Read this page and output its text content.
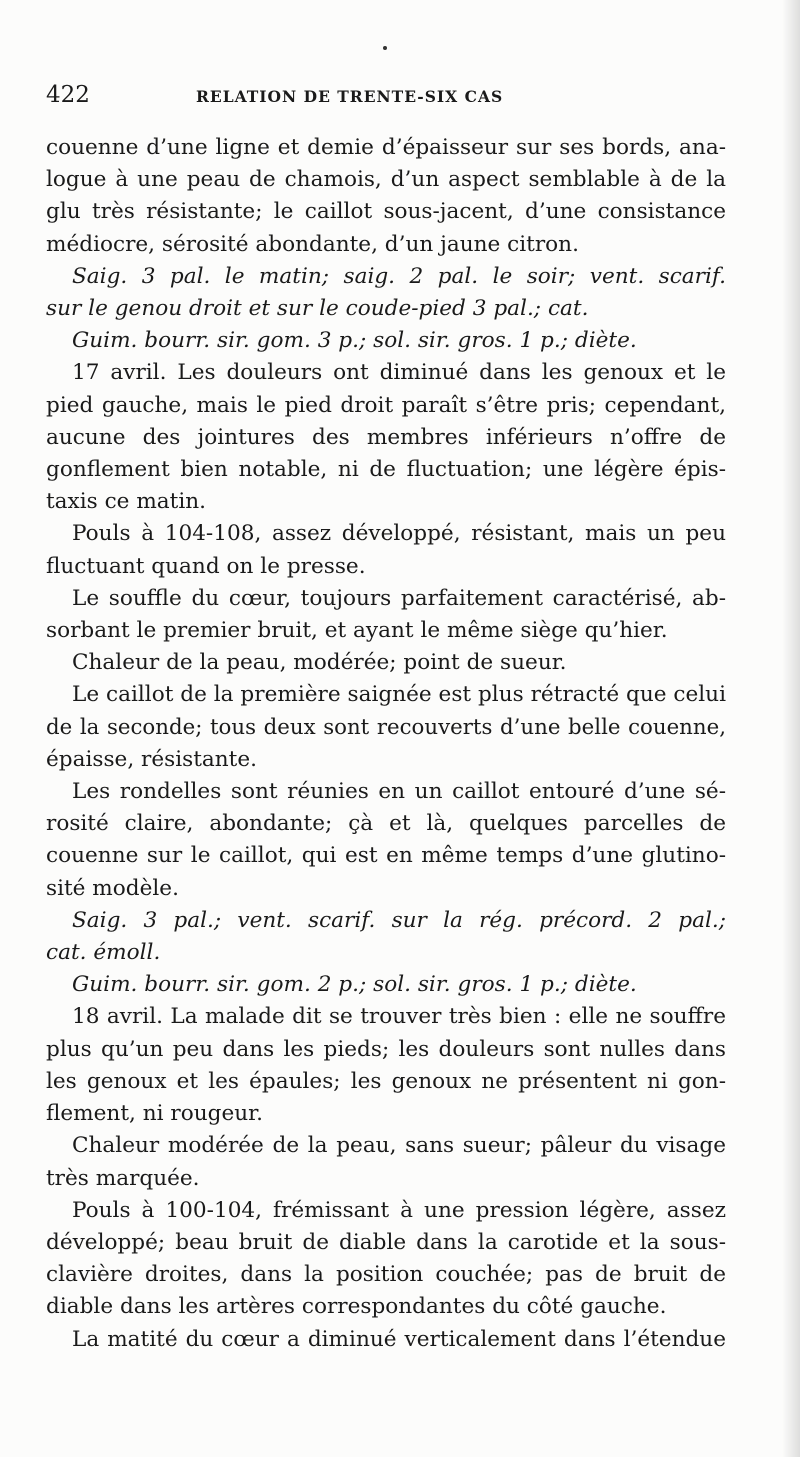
422	RELATION DE TRENTE-SIX CAS
couenne d’une ligne et demie d’épaisseur sur ses bords, ana-
logue à une peau de chamois, d’un aspect semblable à de la
glu très résistante; le caillot sous-jacent, d’une consistance
médiocre, sérosité abondante, d’un jaune citron.
Saig. 3 pal. le matin; saig. 2 pal. le soir; vent. scarif.
sur le genou droit et sur le coude-pied 3 pal.; cat.
Guim. bourr. sir. gom. 3 p.; sol. sir. gros. 1 p.; diète.
17 avril. Les douleurs ont diminué dans les genoux et le
pied gauche, mais le pied droit paraît s’être pris; cependant,
aucune des jointures des membres inférieurs n’offre de
gonflement bien notable, ni de fluctuation; une légère épis-
taxis ce matin.
Pouls à 104-108, assez développé, résistant, mais un peu
fluctuant quand on le presse.
Le souffle du cœur, toujours parfaitement caractérisé, ab-
sorbant le premier bruit, et ayant le même siège qu’hier.
Chaleur de la peau, modérée; point de sueur.
Le caillot de la première saignée est plus rétracté que celui
de la seconde; tous deux sont recouverts d’une belle couenne,
épaisse, résistante.
Les rondelles sont réunies en un caillot entouré d’une sé-
rosité claire, abondante; çà et là, quelques parcelles de
couenne sur le caillot, qui est en même temps d’une glutino-
sité modèle.
Saig. 3 pal.; vent. scarif. sur la rég. précord. 2 pal.;
cat. émoll.
Guim. bourr. sir. gom. 2 p.; sol. sir. gros. 1 p.; diète.
18 avril. La malade dit se trouver très bien : elle ne souffre
plus qu’un peu dans les pieds; les douleurs sont nulles dans
les genoux et les épaules; les genoux ne présentent ni gon-
flement, ni rougeur.
Chaleur modérée de la peau, sans sueur; pâleur du visage
très marquée.
Pouls à 100-104, frémissant à une pression légère, assez
développé; beau bruit de diable dans la carotide et la sous-
clavière droites, dans la position couchée; pas de bruit de
diable dans les artères correspondantes du côté gauche.
La matité du cœur a diminué verticalement dans l’étendue
